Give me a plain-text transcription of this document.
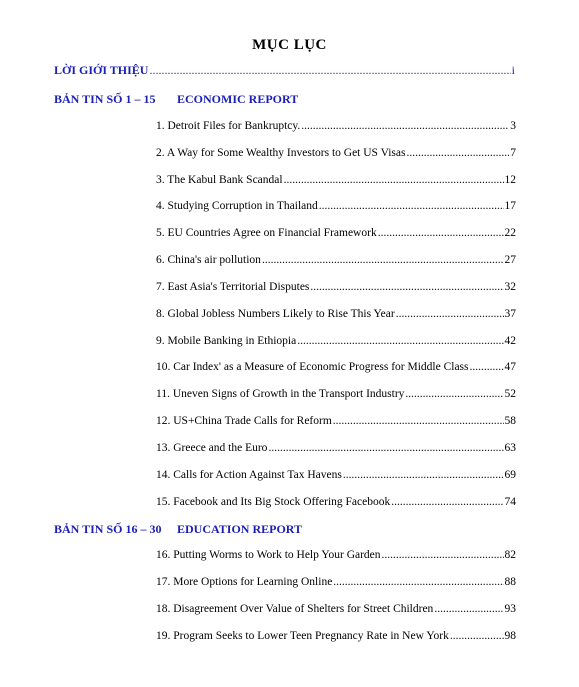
MỤC LỤC
LỜI GIỚI THIỆU .....	i
BẢN TIN SỐ 1 – 15 ECONOMIC REPORT
1. Detroit Files for Bankruptcy. .....	3
2. A Way for Some Wealthy Investors to Get US Visas .....	7
3. The Kabul Bank Scandal .....	12
4. Studying Corruption in Thailand .....	17
5. EU Countries Agree on Financial Framework .....	22
6. China's air pollution .....	27
7. East Asia's Territorial Disputes .....	32
8. Global Jobless Numbers Likely to Rise This Year .....	37
9. Mobile Banking in Ethiopia .....	42
10. Car Index' as a Measure of Economic Progress for Middle Class .....	47
11. Uneven Signs of Growth in the Transport Industry .....	52
12. US+China Trade Calls for Reform .....	58
13. Greece and the Euro .....	63
14. Calls for Action Against Tax Havens .....	69
15. Facebook and Its Big Stock Offering Facebook .....	74
BẢN TIN SỐ 16 – 30 EDUCATION REPORT
16. Putting Worms to Work to Help Your Garden .....	82
17. More Options for Learning Online .....	88
18. Disagreement Over Value of Shelters for Street Children .....	93
19. Program Seeks to Lower Teen Pregnancy Rate in New York .....	98
